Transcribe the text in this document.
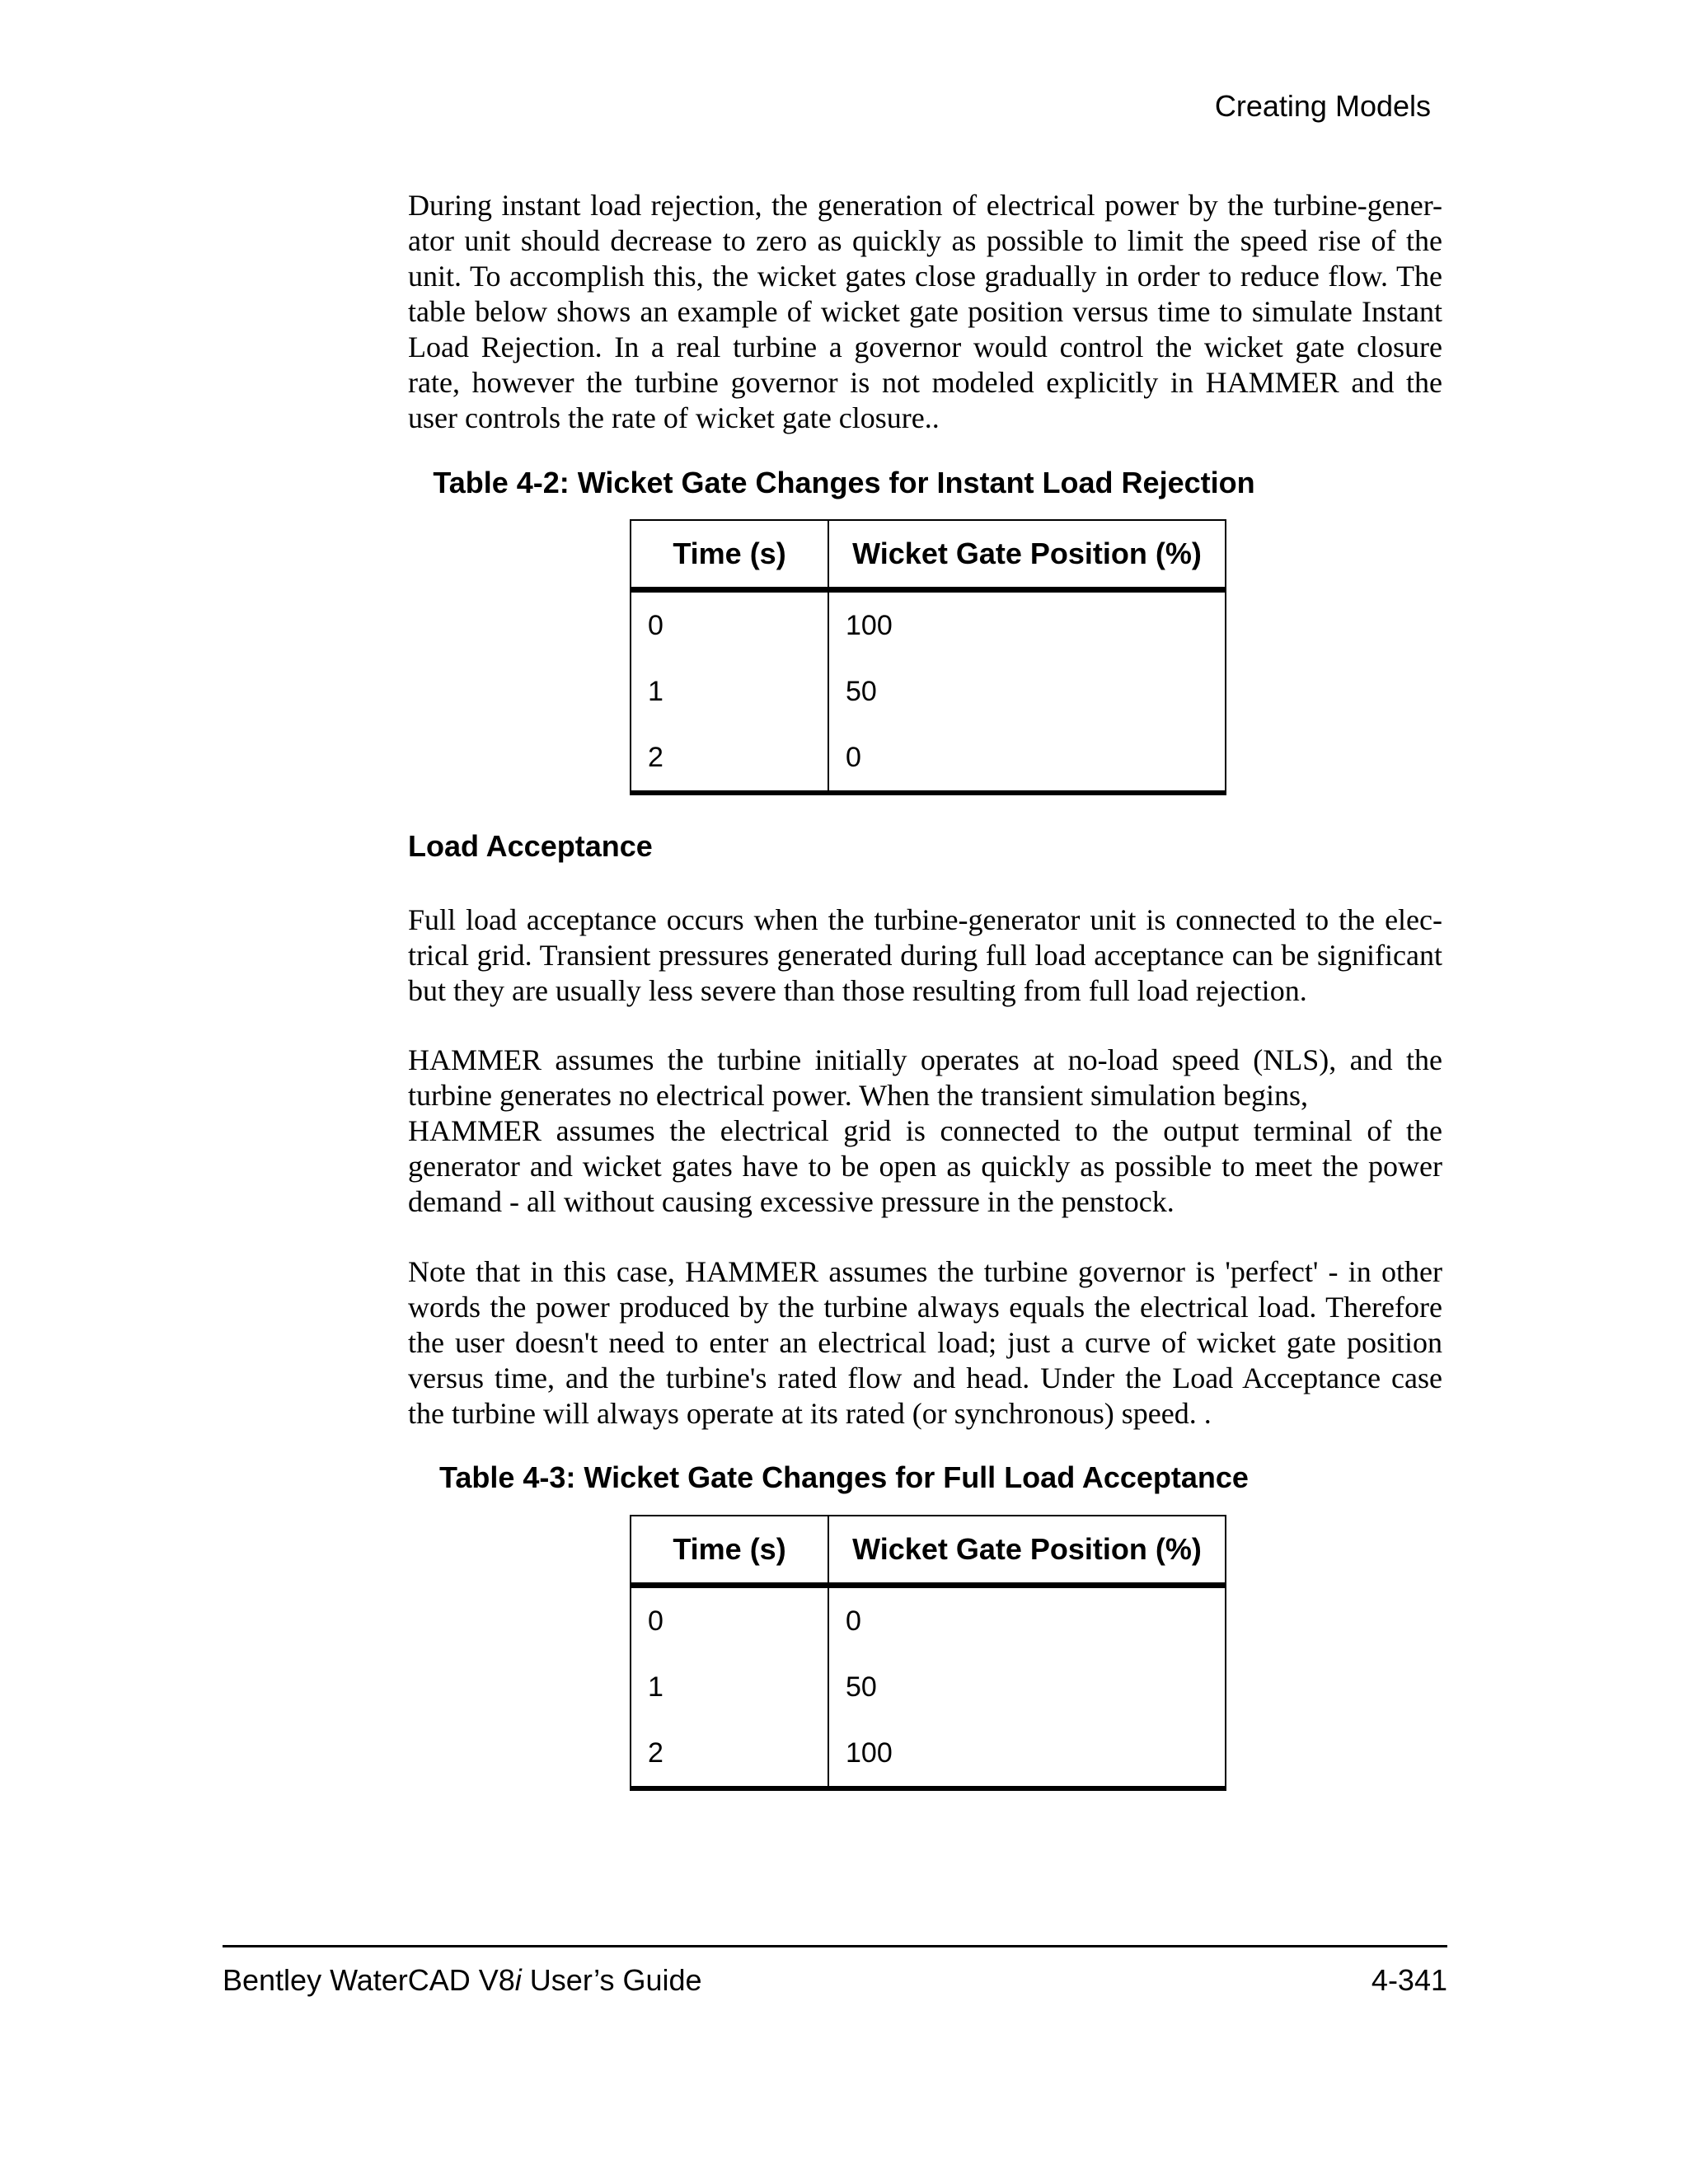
Creating Models
During instant load rejection, the generation of electrical power by the turbine-gener-
ator unit should decrease to zero as quickly as possible to limit the speed rise of the
unit. To accomplish this, the wicket gates close gradually in order to reduce flow. The
table below shows an example of wicket gate position versus time to simulate Instant
Load Rejection. In a real turbine a governor would control the wicket gate closure
rate, however the turbine governor is not modeled explicitly in HAMMER and the
user controls the rate of wicket gate closure..
Table 4-2: Wicket Gate Changes for Instant Load Rejection
Time (s)	Wicket Gate Position (%)
0	100
1	50
2	0
Load Acceptance
Full load acceptance occurs when the turbine-generator unit is connected to the elec-
trical grid. Transient pressures generated during full load acceptance can be significant
but they are usually less severe than those resulting from full load rejection.
HAMMER assumes the turbine initially operates at no-load speed (NLS), and the
turbine generates no electrical power. When the transient simulation begins,
HAMMER assumes the electrical grid is connected to the output terminal of the
generator and wicket gates have to be open as quickly as possible to meet the power
demand - all without causing excessive pressure in the penstock.
Note that in this case, HAMMER assumes the turbine governor is 'perfect' - in other
words the power produced by the turbine always equals the electrical load. Therefore
the user doesn't need to enter an electrical load; just a curve of wicket gate position
versus time, and the turbine's rated flow and head. Under the Load Acceptance case
the turbine will always operate at its rated (or synchronous) speed. .
Table 4-3: Wicket Gate Changes for Full Load Acceptance
Time (s)	Wicket Gate Position (%)
0	0
1	50
2	100
Bentley WaterCAD V8i User’s Guide	4-341
